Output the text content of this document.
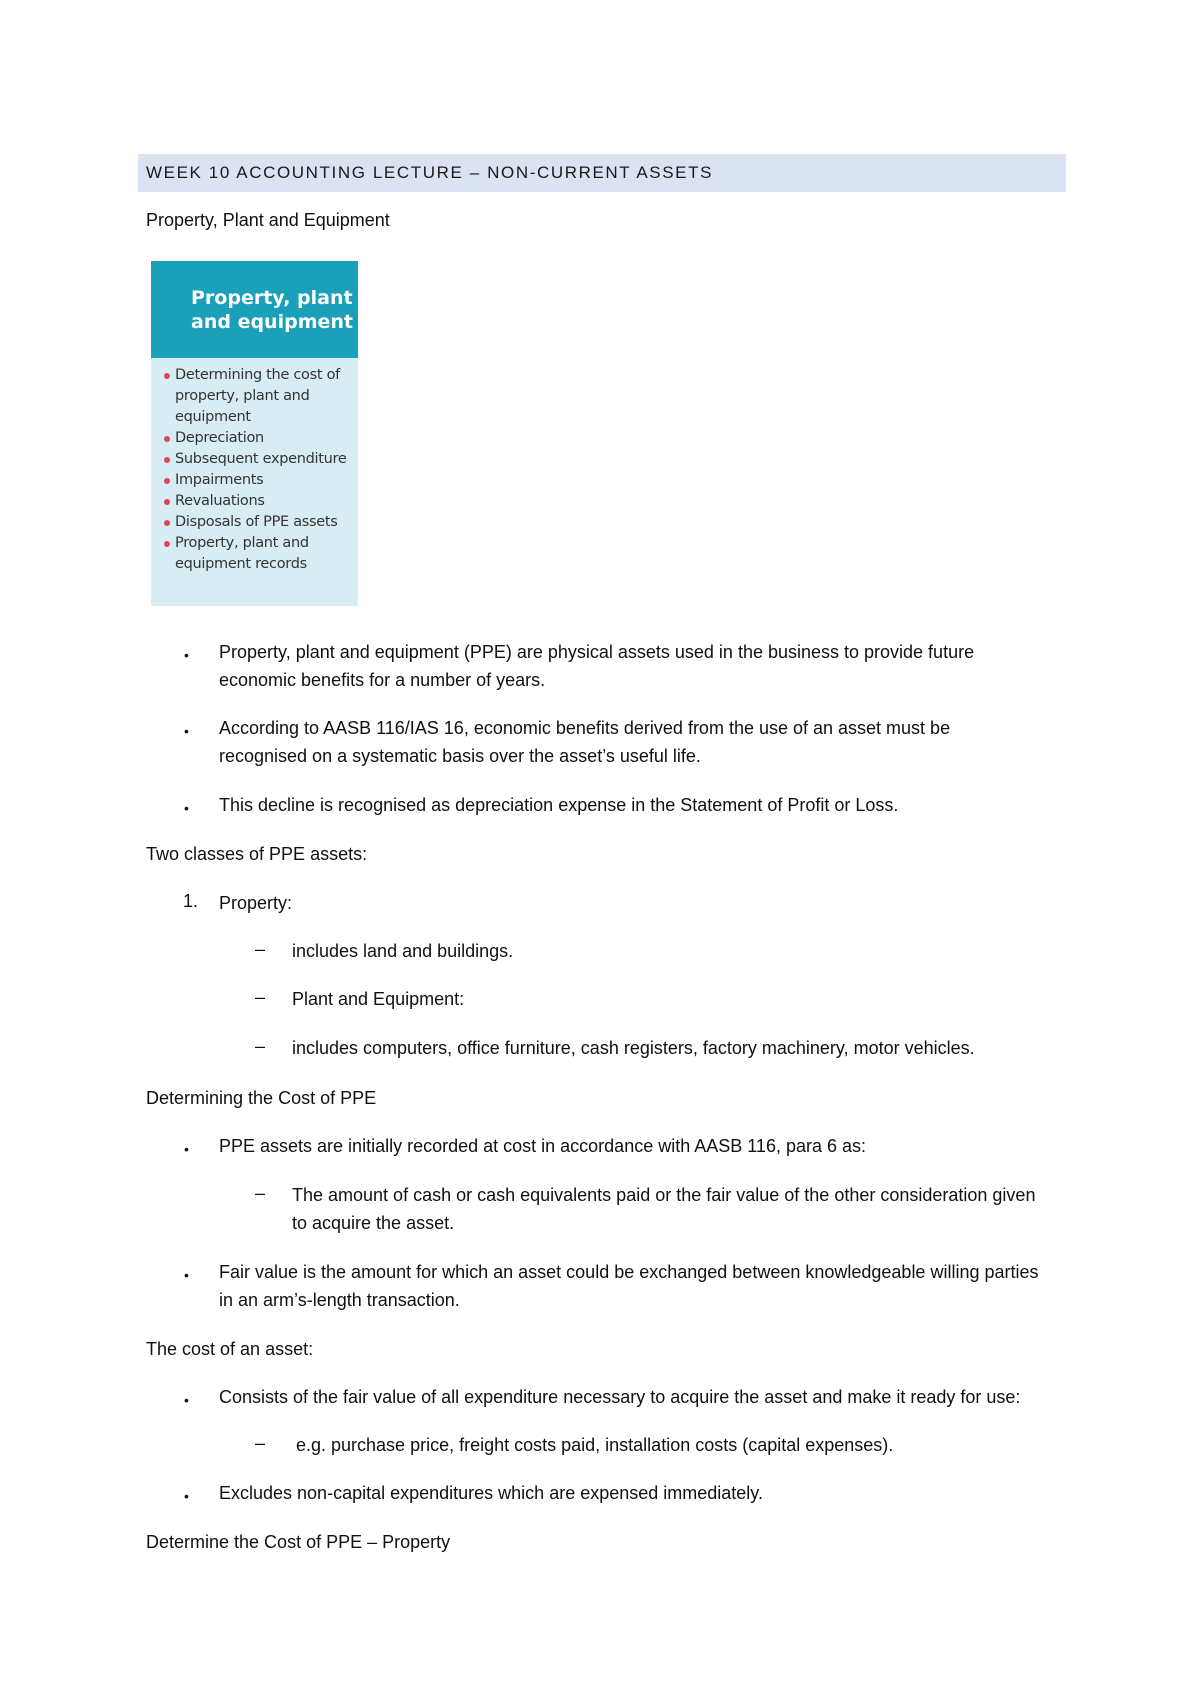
WEEK 10 ACCOUNTING LECTURE – NON-CURRENT ASSETS
Property, Plant and Equipment
Property, plant
and equipment
Determining the cost of property, plant and equipment
Depreciation
Subsequent expenditure
Impairments
Revaluations
Disposals of PPE assets
Property, plant and equipment records
• Property, plant and equipment (PPE) are physical assets used in the business to provide future economic benefits for a number of years.
• According to AASB 116/IAS 16, economic benefits derived from the use of an asset must be recognised on a systematic basis over the asset’s useful life.
• This decline is recognised as depreciation expense in the Statement of Profit or Loss.
Two classes of PPE assets:
1. Property:
– includes land and buildings.
– Plant and Equipment:
– includes computers, office furniture, cash registers, factory machinery, motor vehicles.
Determining the Cost of PPE
• PPE assets are initially recorded at cost in accordance with AASB 116, para 6 as:
– The amount of cash or cash equivalents paid or the fair value of the other consideration given to acquire the asset.
• Fair value is the amount for which an asset could be exchanged between knowledgeable willing parties in an arm’s-length transaction.
The cost of an asset:
• Consists of the fair value of all expenditure necessary to acquire the asset and make it ready for use:
– e.g. purchase price, freight costs paid, installation costs (capital expenses).
• Excludes non-capital expenditures which are expensed immediately.
Determine the Cost of PPE – Property
